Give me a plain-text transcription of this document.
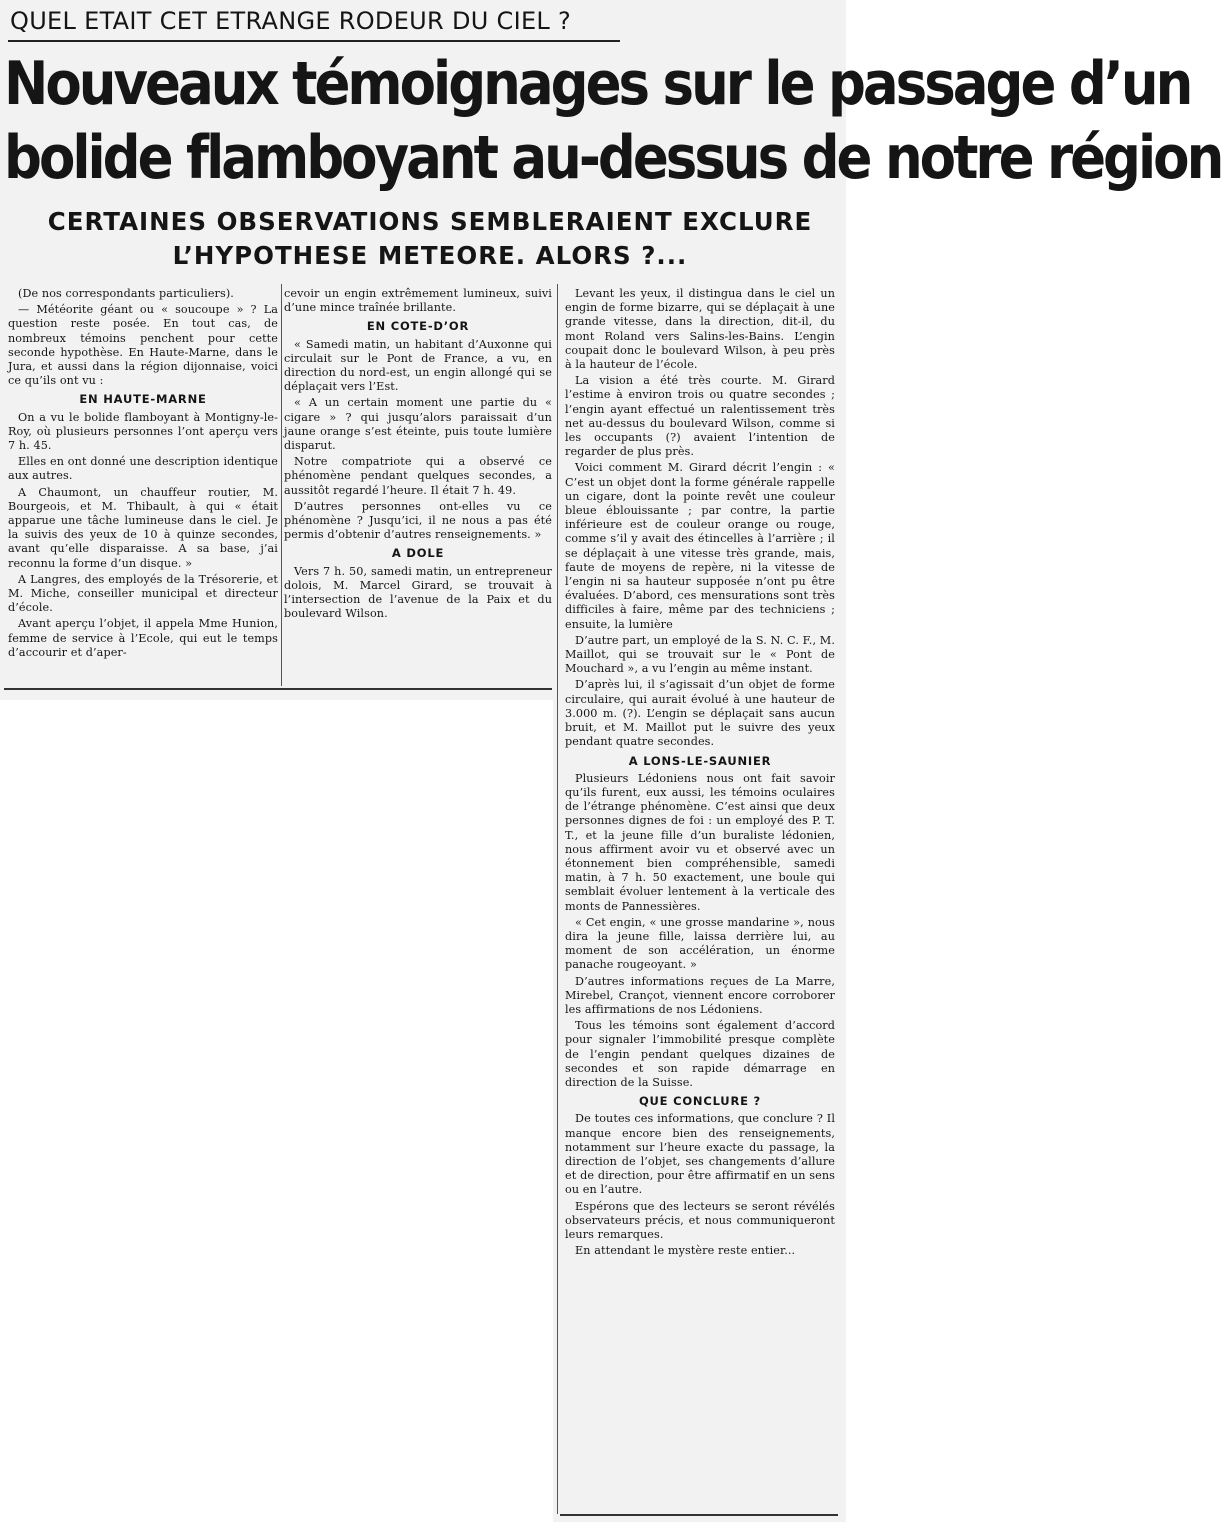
QUEL ETAIT CET ETRANGE RODEUR DU CIEL ?
Nouveaux témoignages sur le passage d’un
bolide flamboyant au-dessus de notre région
CERTAINES OBSERVATIONS SEMBLERAIENT EXCLURE
L’HYPOTHESE METEORE. ALORS ?...

(De nos correspondants particuliers).

— Météorite géant ou « soucoupe » ? La question reste posée. En tout cas, de nombreux témoins penchent pour cette seconde hypothèse. En Haute-Marne, dans le Jura, et aussi dans la région dijonnaise, voici ce qu’ils ont vu :

EN HAUTE-MARNE

On a vu le bolide flamboyant à Montigny-le-Roy, où plusieurs personnes l’ont aperçu vers 7 h. 45.

Elles en ont donné une description identique aux autres.

A Chaumont, un chauffeur routier, M. Bourgeois, et M. Thibault, à qui « était apparue une tâche lumineuse dans le ciel. Je la suivis des yeux de 10 à quinze secondes, avant qu’elle disparaisse. A sa base, j’ai reconnu la forme d’un disque. »

A Langres, des employés de la Trésorerie, et M. Miche, conseiller municipal et directeur d’école.

Avant aperçu l’objet, il appela Mme Hunion, femme de service à l’Ecole, qui eut le temps d’accourir et d’aper-

cevoir un engin extrêmement lumineux, suivi d’une mince traînée brillante.

EN COTE-D’OR

« Samedi matin, un habitant d’Auxonne qui circulait sur le Pont de France, a vu, en direction du nord-est, un engin allongé qui se déplaçait vers l’Est.

« A un certain moment une partie du « cigare » ? qui jusqu’alors paraissait d’un jaune orange s’est éteinte, puis toute lumière disparut.

Notre compatriote qui a observé ce phénomène pendant quelques secondes, a aussitôt regardé l’heure. Il était 7 h. 49.

D’autres personnes ont-elles vu ce phénomène ? Jusqu’ici, il ne nous a pas été permis d’obtenir d’autres renseignements. »

A DOLE

Vers 7 h. 50, samedi matin, un entrepreneur dolois, M. Marcel Girard, se trouvait à l’intersection de l’avenue de la Paix et du boulevard Wilson.

Levant les yeux, il distingua dans le ciel un engin de forme bizarre, qui se déplaçait à une grande vitesse, dans la direction, dit-il, du mont Roland vers Salins-les-Bains. L’engin coupait donc le boulevard Wilson, à peu près à la hauteur de l’école.

La vision a été très courte. M. Girard l’estime à environ trois ou quatre secondes ; l’engin ayant effectué un ralentissement très net au-dessus du boulevard Wilson, comme si les occupants (?) avaient l’intention de regarder de plus près.

Voici comment M. Girard décrit l’engin : « C’est un objet dont la forme générale rappelle un cigare, dont la pointe revêt une couleur bleue éblouissante ; par contre, la partie inférieure est de couleur orange ou rouge, comme s’il y avait des étincelles à l’arrière ; il se déplaçait à une vitesse très grande, mais, faute de moyens de repère, ni la vitesse de l’engin ni sa hauteur supposée n’ont pu être évaluées. D’abord, ces mensurations sont très difficiles à faire, même par des techniciens ; ensuite, la lumière

D’autre part, un employé de la S. N. C. F., M. Maillot, qui se trouvait sur le « Pont de Mouchard », a vu l’engin au même instant.

D’après lui, il s’agissait d’un objet de forme circulaire, qui aurait évolué à une hauteur de 3.000 m. (?). L’engin se déplaçait sans aucun bruit, et M. Maillot put le suivre des yeux pendant quatre secondes.

A LONS-LE-SAUNIER

Plusieurs Lédoniens nous ont fait savoir qu’ils furent, eux aussi, les témoins oculaires de l’étrange phénomène. C’est ainsi que deux personnes dignes de foi : un employé des P. T. T., et la jeune fille d’un buraliste lédonien, nous affirment avoir vu et observé avec un étonnement bien compréhensible, samedi matin, à 7 h. 50 exactement, une boule qui semblait évoluer lentement à la verticale des monts de Pannessières.

« Cet engin, « une grosse mandarine », nous dira la jeune fille, laissa derrière lui, au moment de son accélération, un énorme panache rougeoyant. »

D’autres informations reçues de La Marre, Mirebel, Crançot, viennent encore corroborer les affirmations de nos Lédoniens.

Tous les témoins sont également d’accord pour signaler l’immobilité presque complète de l’engin pendant quelques dizaines de secondes et son rapide démarrage en direction de la Suisse.

QUE CONCLURE ?

De toutes ces informations, que conclure ? Il manque encore bien des renseignements, notamment sur l’heure exacte du passage, la direction de l’objet, ses changements d’allure et de direction, pour être affirmatif en un sens ou en l’autre.

Espérons que des lecteurs se seront révélés observateurs précis, et nous communiqueront leurs remarques.

En attendant le mystère reste entier...
